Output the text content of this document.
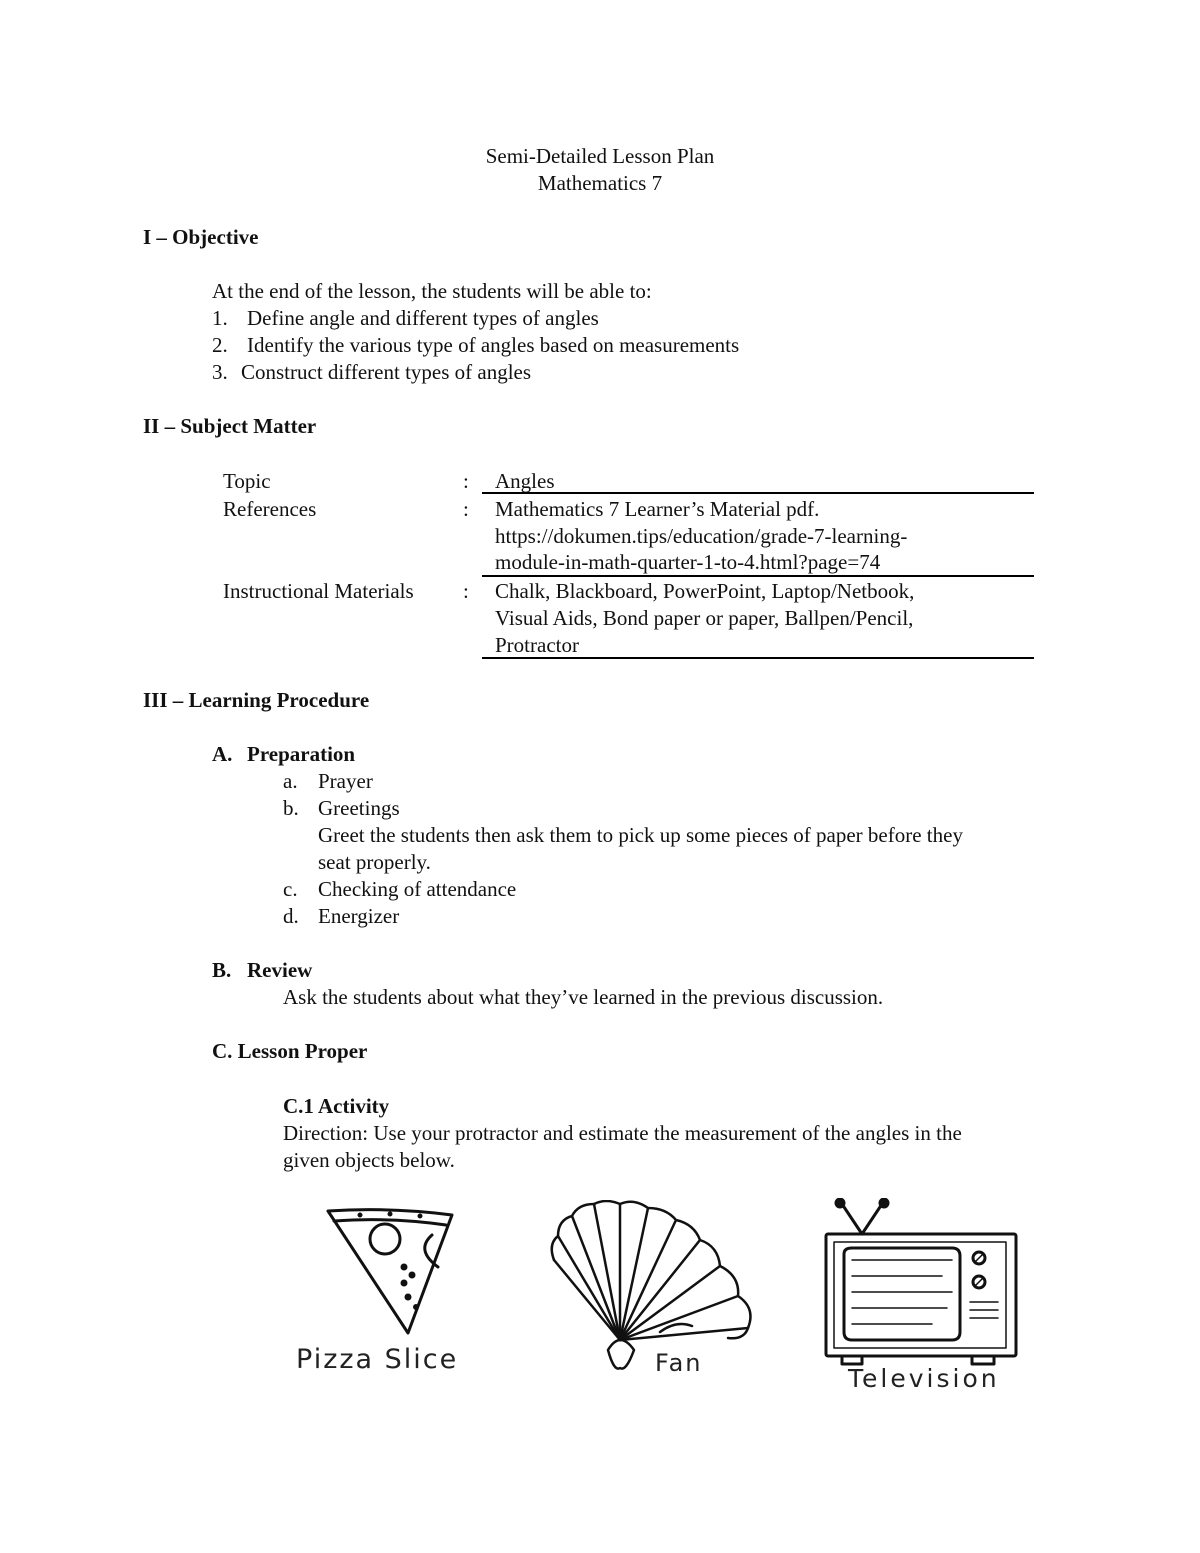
Semi-Detailed Lesson Plan
Mathematics 7
I – Objective
At the end of the lesson, the students will be able to:
1. Define angle and different types of angles
2. Identify the various type of angles based on measurements
3. Construct different types of angles
II – Subject Matter
Topic	: Angles
References	: Mathematics 7 Learner’s Material pdf.
https://dokumen.tips/education/grade-7-learning-
module-in-math-quarter-1-to-4.html?page=74
Instructional Materials : Chalk, Blackboard, PowerPoint, Laptop/Netbook,
Visual Aids, Bond paper or paper, Ballpen/Pencil,
Protractor
III – Learning Procedure
A. Preparation
a. Prayer
b. Greetings
Greet the students then ask them to pick up some pieces of paper before they
seat properly.
c. Checking of attendance
d. Energizer
B. Review
Ask the students about what they’ve learned in the previous discussion.
C. Lesson Proper
C.1 Activity
Direction: Use your protractor and estimate the measurement of the angles in the
given objects below.
Pizza Slice	Fan
Television
